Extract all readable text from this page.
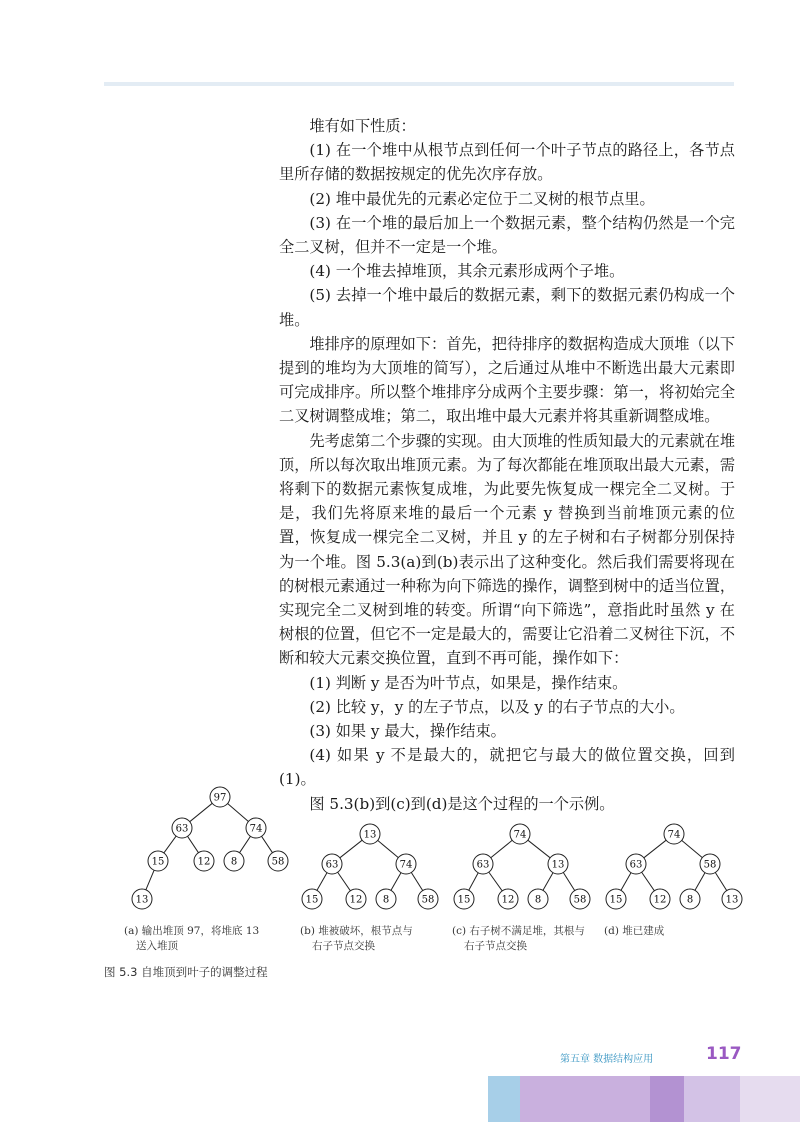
堆有如下性质：

(1) 在一个堆中从根节点到任何一个叶子节点的路径上，各节点里所存储的数据按规定的优先次序存放。

(2) 堆中最优先的元素必定位于二叉树的根节点里。

(3) 在一个堆的最后加上一个数据元素，整个结构仍然是一个完全二叉树，但并不一定是一个堆。

(4) 一个堆去掉堆顶，其余元素形成两个子堆。

(5) 去掉一个堆中最后的数据元素，剩下的数据元素仍构成一个堆。

堆排序的原理如下：首先，把待排序的数据构造成大顶堆（以下提到的堆均为大顶堆的简写），之后通过从堆中不断选出最大元素即可完成排序。所以整个堆排序分成两个主要步骤：第一，将初始完全二叉树调整成堆；第二，取出堆中最大元素并将其重新调整成堆。

先考虑第二个步骤的实现。由大顶堆的性质知最大的元素就在堆顶，所以每次取出堆顶元素。为了每次都能在堆顶取出最大元素，需将剩下的数据元素恢复成堆，为此要先恢复成一棵完全二叉树。于是，我们先将原来堆的最后一个元素 y 替换到当前堆顶元素的位置，恢复成一棵完全二叉树，并且 y 的左子树和右子树都分别保持为一个堆。图 5.3(a)到(b)表示出了这种变化。然后我们需要将现在的树根元素通过一种称为向下筛选的操作，调整到树中的适当位置，实现完全二叉树到堆的转变。所谓“向下筛选”，意指此时虽然 y 在树根的位置，但它不一定是最大的，需要让它沿着二叉树往下沉，不断和较大元素交换位置，直到不再可能，操作如下：

(1) 判断 y 是否为叶节点，如果是，操作结束。

(2) 比较 y，y 的左子节点，以及 y 的右子节点的大小。

(3) 如果 y 最大，操作结束。

(4) 如果 y 不是最大的，就把它与最大的做位置交换，回到(1)。

图 5.3(b)到(c)到(d)是这个过程的一个示例。

97
63	74
15	12 8	58
13
13
63	74
15	12 8	58
74
63	13
15	12 8	58
74
63	58
15	12 8	13
(a) 输出堆顶 97，将堆底 13
送入堆顶
(b) 堆被破坏，根节点与
右子节点交换
(c) 右子树不满足堆，其根与
右子节点交换
(d) 堆已建成
图 5.3 自堆顶到叶子的调整过程
第五章 数据结构应用	117
